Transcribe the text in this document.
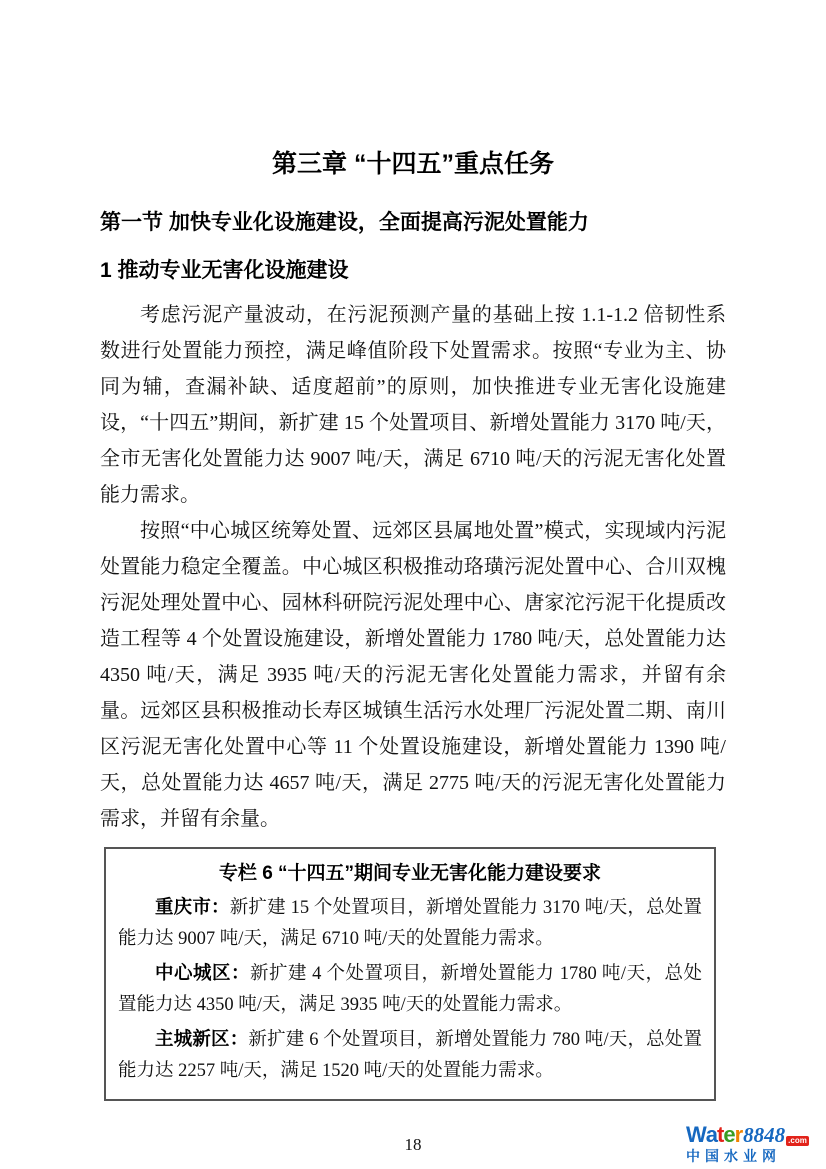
第三章 “十四五”重点任务
第一节 加快专业化设施建设，全面提高污泥处置能力
1 推动专业无害化设施建设

考虑污泥产量波动，在污泥预测产量的基础上按 1.1-1.2 倍韧性系数进行处置能力预控，满足峰值阶段下处置需求。按照“专业为主、协同为辅，查漏补缺、适度超前”的原则，加快推进专业无害化设施建设，“十四五”期间，新扩建 15 个处置项目、新增处置能力 3170 吨/天，全市无害化处置能力达 9007 吨/天，满足 6710 吨/天的污泥无害化处置能力需求。

按照“中心城区统筹处置、远郊区县属地处置”模式，实现域内污泥处置能力稳定全覆盖。中心城区积极推动珞璜污泥处置中心、合川双槐污泥处理处置中心、园林科研院污泥处理中心、唐家沱污泥干化提质改造工程等 4 个处置设施建设，新增处置能力 1780 吨/天，总处置能力达 4350 吨/天，满足 3935 吨/天的污泥无害化处置能力需求，并留有余量。远郊区县积极推动长寿区城镇生活污水处理厂污泥处置二期、南川区污泥无害化处置中心等 11 个处置设施建设，新增处置能力 1390 吨/天，总处置能力达 4657 吨/天，满足 2775 吨/天的污泥无害化处置能力需求，并留有余量。

专栏 6 “十四五”期间专业无害化能力建设要求

重庆市：新扩建 15 个处置项目，新增处置能力 3170 吨/天，总处置能力达 9007 吨/天，满足 6710 吨/天的处置能力需求。

中心城区：新扩建 4 个处置项目，新增处置能力 1780 吨/天，总处置能力达 4350 吨/天，满足 3935 吨/天的处置能力需求。

主城新区：新扩建 6 个处置项目，新增处置能力 780 吨/天，总处置能力达 2257 吨/天，满足 1520 吨/天的处置能力需求。

18	W a t e r 8848 .com
中国水业网
